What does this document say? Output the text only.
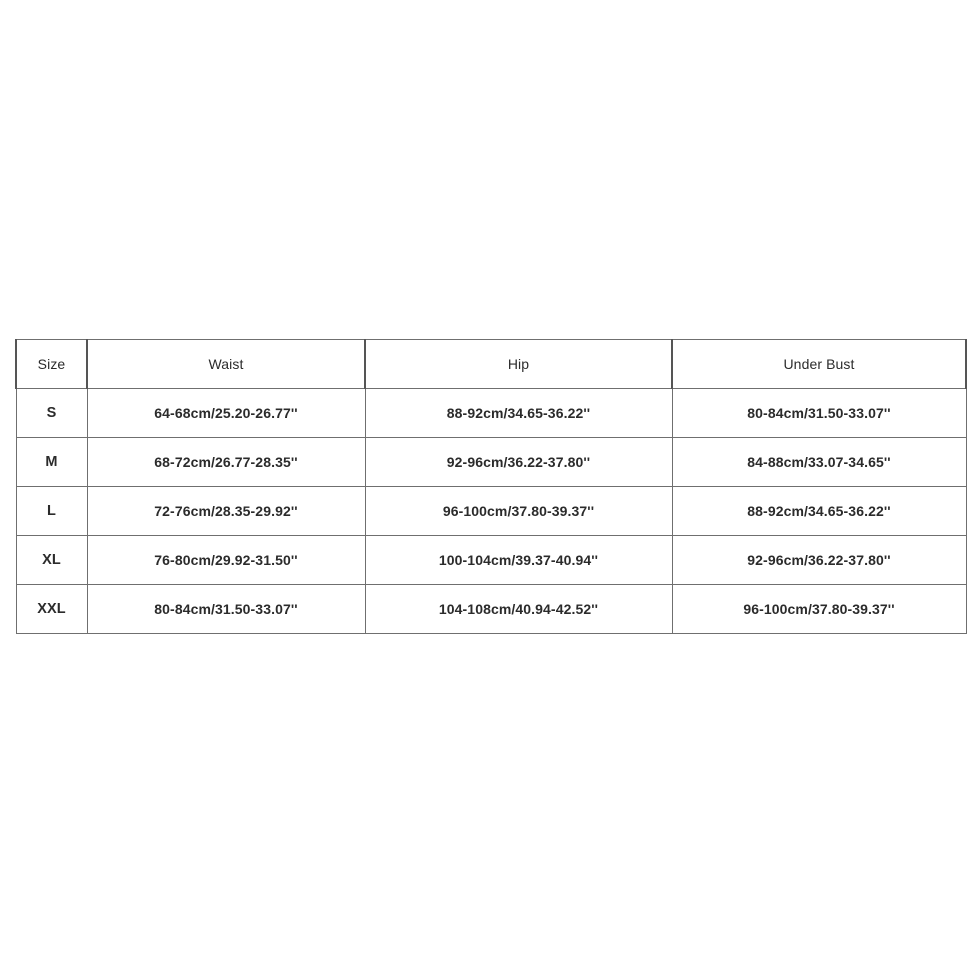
Size	Waist	Hip	Under Bust
S	64-68cm/25.20-26.77''	88-92cm/34.65-36.22''	80-84cm/31.50-33.07''
M	68-72cm/26.77-28.35''	92-96cm/36.22-37.80''	84-88cm/33.07-34.65''
L	72-76cm/28.35-29.92''	96-100cm/37.80-39.37''	88-92cm/34.65-36.22''
XL	76-80cm/29.92-31.50''	100-104cm/39.37-40.94''	92-96cm/36.22-37.80''
XXL	80-84cm/31.50-33.07''	104-108cm/40.94-42.52''	96-100cm/37.80-39.37''
